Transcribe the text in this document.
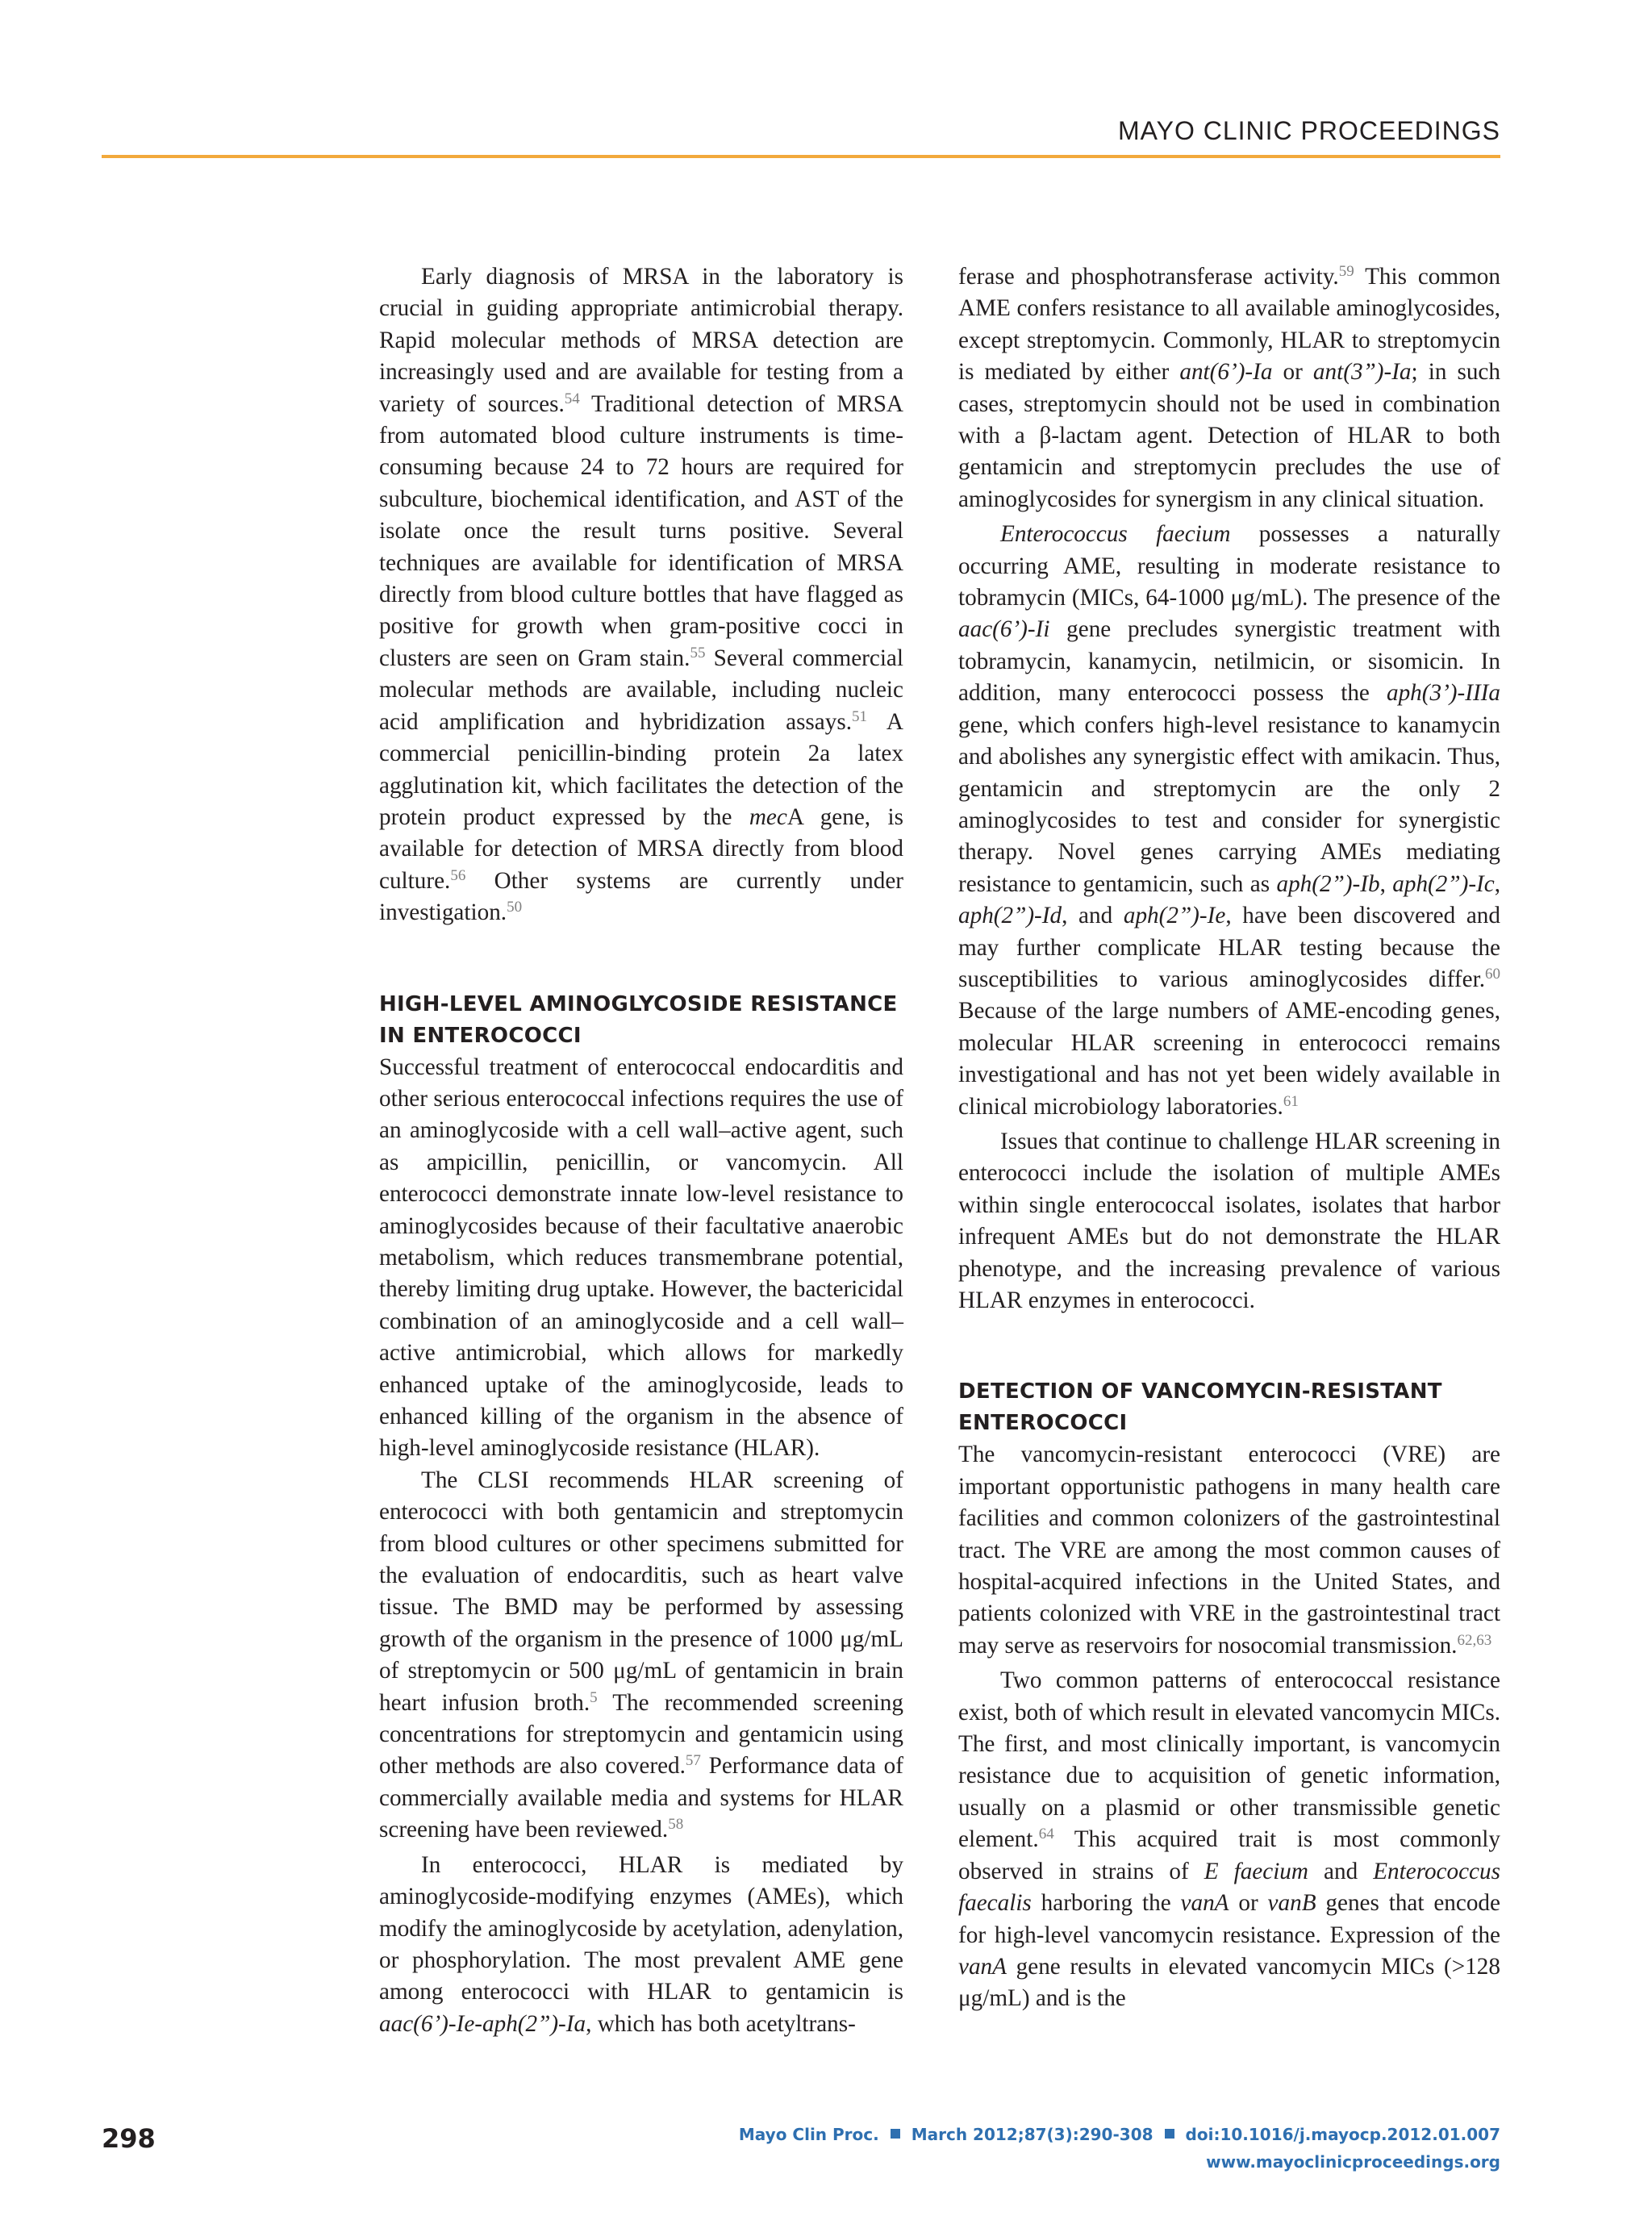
MAYO CLINIC PROCEEDINGS

Early diagnosis of MRSA in the laboratory is crucial in guiding appropriate antimicrobial therapy. Rapid molecular methods of MRSA detection are increasingly used and are available for testing from a variety of sources.$^{54}$ Traditional detection of MRSA from automated blood culture instruments is time-consuming because 24 to 72 hours are required for subculture, biochemical identification, and AST of the isolate once the result turns positive. Several techniques are available for identification of MRSA directly from blood culture bottles that have flagged as positive for growth when gram-positive cocci in clusters are seen on Gram stain.$^{55}$ Several commercial molecular methods are available, including nucleic acid amplification and hybridization assays.$^{51}$ A commercial penicillin-binding protein 2a latex agglutination kit, which facilitates the detection of the protein product expressed by the mecA gene, is available for detection of MRSA directly from blood culture.$^{56}$ Other systems are currently under investigation.$^{50}$

HIGH-LEVEL AMINOGLYCOSIDE RESISTANCE
IN ENTEROCOCCI

Successful treatment of enterococcal endocarditis and other serious enterococcal infections requires the use of an aminoglycoside with a cell wall–active agent, such as ampicillin, penicillin, or vancomycin. All enterococci demonstrate innate low-level resistance to aminoglycosides because of their facultative anaerobic metabolism, which reduces transmembrane potential, thereby limiting drug uptake. However, the bactericidal combination of an aminoglycoside and a cell wall–active antimicrobial, which allows for markedly enhanced uptake of the aminoglycoside, leads to enhanced killing of the organism in the absence of high-level aminoglycoside resistance (HLAR).

The CLSI recommends HLAR screening of enterococci with both gentamicin and streptomycin from blood cultures or other specimens submitted for the evaluation of endocarditis, such as heart valve tissue. The BMD may be performed by assessing growth of the organism in the presence of 1000 μg/mL of streptomycin or 500 μg/mL of gentamicin in brain heart infusion broth.$^5$ The recommended screening concentrations for streptomycin and gentamicin using other methods are also covered.$^{57}$ Performance data of commercially available media and systems for HLAR screening have been reviewed.$^{58}$

In enterococci, HLAR is mediated by aminoglycoside-modifying enzymes (AMEs), which modify the aminoglycoside by acetylation, adenylation, or phosphorylation. The most prevalent AME gene among enterococci with HLAR to gentamicin is aac(6’)-Ie-aph(2”)-Ia, which has both acetyltrans-

ferase and phosphotransferase activity.$^{59}$ This common AME confers resistance to all available aminoglycosides, except streptomycin. Commonly, HLAR to streptomycin is mediated by either ant(6’)-Ia or ant(3”)-Ia; in such cases, streptomycin should not be used in combination with a β-lactam agent. Detection of HLAR to both gentamicin and streptomycin precludes the use of aminoglycosides for synergism in any clinical situation.

Enterococcus faecium possesses a naturally occurring AME, resulting in moderate resistance to tobramycin (MICs, 64-1000 μg/mL). The presence of the aac(6’)-Ii gene precludes synergistic treatment with tobramycin, kanamycin, netilmicin, or sisomicin. In addition, many enterococci possess the aph(3’)-IIIa gene, which confers high-level resistance to kanamycin and abolishes any synergistic effect with amikacin. Thus, gentamicin and streptomycin are the only 2 aminoglycosides to test and consider for synergistic therapy. Novel genes carrying AMEs mediating resistance to gentamicin, such as aph(2”)-Ib, aph(2”)-Ic, aph(2”)-Id, and aph(2”)-Ie, have been discovered and may further complicate HLAR testing because the susceptibilities to various aminoglycosides differ.$^{60}$ Because of the large numbers of AME-encoding genes, molecular HLAR screening in enterococci remains investigational and has not yet been widely available in clinical microbiology laboratories.$^{61}$

Issues that continue to challenge HLAR screening in enterococci include the isolation of multiple AMEs within single enterococcal isolates, isolates that harbor infrequent AMEs but do not demonstrate the HLAR phenotype, and the increasing prevalence of various HLAR enzymes in enterococci.

DETECTION OF VANCOMYCIN-RESISTANT
ENTEROCOCCI

The vancomycin-resistant enterococci (VRE) are important opportunistic pathogens in many health care facilities and common colonizers of the gastrointestinal tract. The VRE are among the most common causes of hospital-acquired infections in the United States, and patients colonized with VRE in the gastrointestinal tract may serve as reservoirs for nosocomial transmission.$^{62,63}$

Two common patterns of enterococcal resistance exist, both of which result in elevated vancomycin MICs. The first, and most clinically important, is vancomycin resistance due to acquisition of genetic information, usually on a plasmid or other transmissible genetic element.$^{64}$ This acquired trait is most commonly observed in strains of E faecium and Enterococcus faecalis harboring the vanA or vanB genes that encode for high-level vancomycin resistance. Expression of the vanA gene results in elevated vancomycin MICs (>128 μg/mL) and is the

298	Mayo Clin Proc. March 2012;87(3):290-308 doi:10.1016/j.mayocp.2012.01.007
www.mayoclinicproceedings.org
